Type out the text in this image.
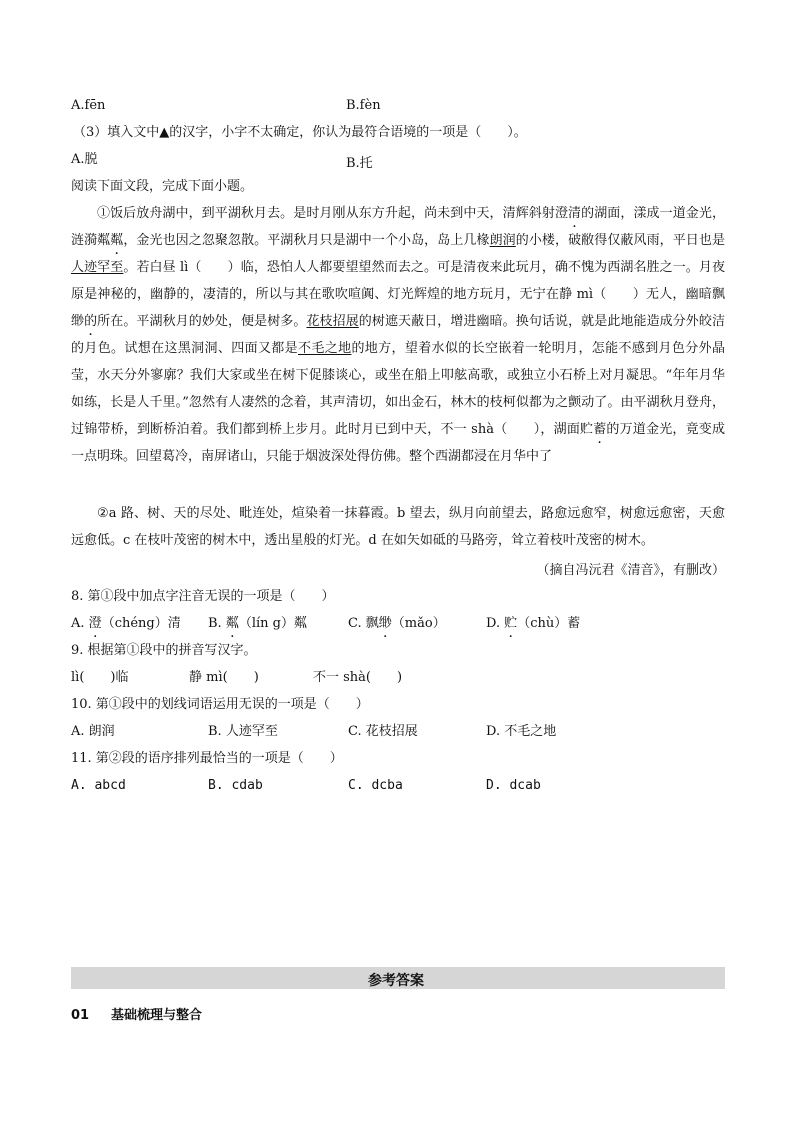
A.fēn	B.fèn
（3）填入文中▲的汉字，小字不太确定，你认为最符合语境的一项是（　　）。
A.脱	B.托
阅读下面文段，完成下面小题。

①饭后放舟湖中，到平湖秋月去。是时月刚从东方升起，尚未到中天，清辉斜射澄清的湖面，漾成一道金光，涟漪粼粼，金光也因之忽聚忽散。平湖秋月只是湖中一个小岛，岛上几椽朗润的小楼，破敝得仅蔽风雨，平日也是人迹罕至。若白昼 lì（　　）临，恐怕人人都要望望然而去之。可是清夜来此玩月，确不愧为西湖名胜之一。月夜原是神秘的，幽静的，凄清的，所以与其在歌吹喧阗、灯光辉煌的地方玩月，无宁在静 mì（　　）无人，幽暗飘缈的所在。平湖秋月的妙处，便是树多。花枝招展的树遮天蔽日，增进幽暗。换句话说，就是此地能造成分外皎洁的月色。试想在这黑洞洞、四面又都是不毛之地的地方，望着水似的长空嵌着一轮明月，怎能不感到月色分外晶莹，水天分外寥廓？我们大家或坐在树下促膝谈心，或坐在船上叩舷高歌，或独立小石桥上对月凝思。“年年月华如练，长是人千里。”忽然有人凄然的念着，其声清切，如出金石，林木的枝柯似都为之颤动了。由平湖秋月登舟，过锦带桥，到断桥泊着。我们都到桥上步月。此时月已到中天，不一 shà（　　），湖面贮蓄的万道金光，竟变成一点明珠。回望葛冷，南屏诸山，只能于烟波深处得仿佛。整个西湖都浸在月华中了

②a 路、树、天的尽处、毗连处，煊染着一抹暮霞。b 望去，纵月向前望去，路愈远愈窄，树愈远愈密，天愈远愈低。c 在枝叶茂密的树木中，透出星般的灯光。d 在如矢如砥的马路旁，耸立着枝叶茂密的树木。

（摘自冯沅君《清音》，有删改）
8. 第①段中加点字注音无误的一项是（　　）
A. 澄（chéng）清 B. 粼（lín g）粼	C. 飘缈（mǎo）	D. 贮（chù）蓄
9. 根据第①段中的拼音写汉字。
lì(　　)临	静 mì(　　)	不一 shà(　　)
10. 第①段中的划线词语运用无误的一项是（　　）
A. 朗润	B. 人迹罕至	C. 花枝招展	D. 不毛之地
11. 第②段的语序排列最恰当的一项是（　　）
A. abcd	B. cdab	C. dcba	D. dcab
参考答案
01 基础梳理与整合
